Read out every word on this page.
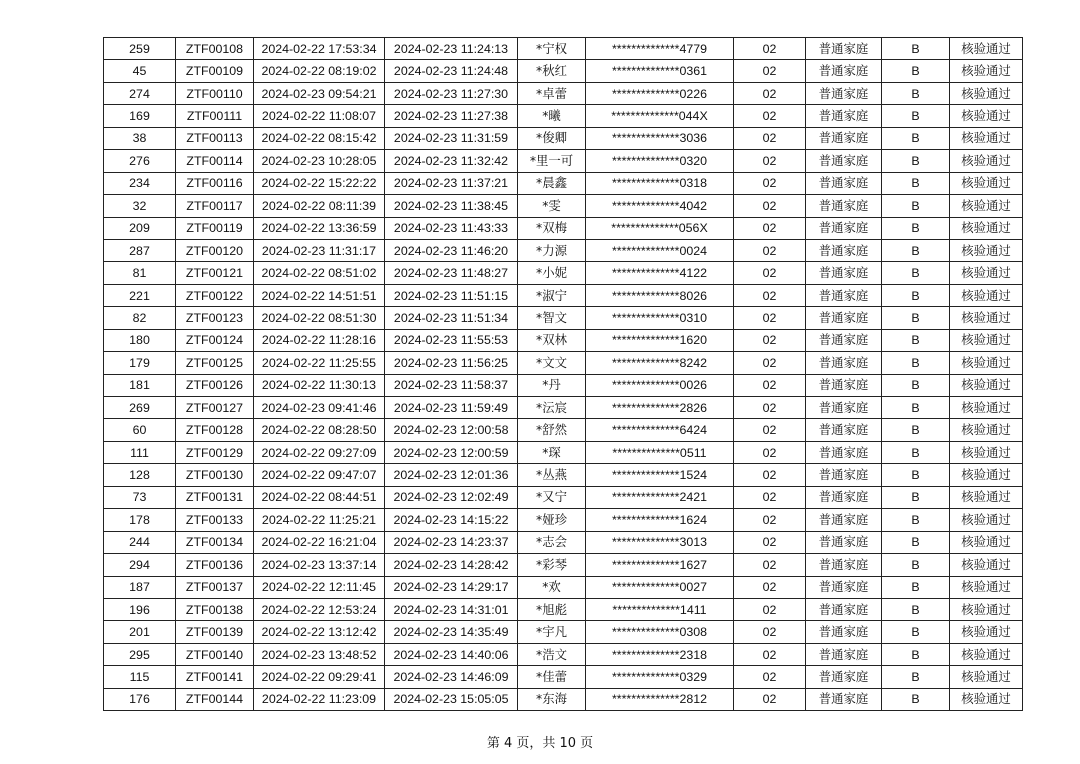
259	ZTF00108	2024-02-22 17:53:34	2024-02-23 11:24:13	*宁权	**************4779	02	普通家庭	B	核验通过
45	ZTF00109	2024-02-22 08:19:02	2024-02-23 11:24:48	*秋红	**************0361	02	普通家庭	B	核验通过
274	ZTF00110	2024-02-23 09:54:21	2024-02-23 11:27:30	*卓蕾	**************0226	02	普通家庭	B	核验通过
169	ZTF00111	2024-02-22 11:08:07	2024-02-23 11:27:38	*曦	**************044X	02	普通家庭	B	核验通过
38	ZTF00113	2024-02-22 08:15:42	2024-02-23 11:31:59	*俊卿	**************3036	02	普通家庭	B	核验通过
276	ZTF00114	2024-02-23 10:28:05	2024-02-23 11:32:42	*里一可	**************0320	02	普通家庭	B	核验通过
234	ZTF00116	2024-02-22 15:22:22	2024-02-23 11:37:21	*晨鑫	**************0318	02	普通家庭	B	核验通过
32	ZTF00117	2024-02-22 08:11:39	2024-02-23 11:38:45	*雯	**************4042	02	普通家庭	B	核验通过
209	ZTF00119	2024-02-22 13:36:59	2024-02-23 11:43:33	*双梅	**************056X	02	普通家庭	B	核验通过
287	ZTF00120	2024-02-23 11:31:17	2024-02-23 11:46:20	*力源	**************0024	02	普通家庭	B	核验通过
81	ZTF00121	2024-02-22 08:51:02	2024-02-23 11:48:27	*小妮	**************4122	02	普通家庭	B	核验通过
221	ZTF00122	2024-02-22 14:51:51	2024-02-23 11:51:15	*淑宁	**************8026	02	普通家庭	B	核验通过
82	ZTF00123	2024-02-22 08:51:30	2024-02-23 11:51:34	*智文	**************0310	02	普通家庭	B	核验通过
180	ZTF00124	2024-02-22 11:28:16	2024-02-23 11:55:53	*双林	**************1620	02	普通家庭	B	核验通过
179	ZTF00125	2024-02-22 11:25:55	2024-02-23 11:56:25	*文文	**************8242	02	普通家庭	B	核验通过
181	ZTF00126	2024-02-22 11:30:13	2024-02-23 11:58:37	*丹	**************0026	02	普通家庭	B	核验通过
269	ZTF00127	2024-02-23 09:41:46	2024-02-23 11:59:49	*沄宸	**************2826	02	普通家庭	B	核验通过
60	ZTF00128	2024-02-22 08:28:50	2024-02-23 12:00:58	*舒然	**************6424	02	普通家庭	B	核验通过
111	ZTF00129	2024-02-22 09:27:09	2024-02-23 12:00:59	*琛	**************0511	02	普通家庭	B	核验通过
128	ZTF00130	2024-02-22 09:47:07	2024-02-23 12:01:36	*丛燕	**************1524	02	普通家庭	B	核验通过
73	ZTF00131	2024-02-22 08:44:51	2024-02-23 12:02:49	*又宁	**************2421	02	普通家庭	B	核验通过
178	ZTF00133	2024-02-22 11:25:21	2024-02-23 14:15:22	*娅珍	**************1624	02	普通家庭	B	核验通过
244	ZTF00134	2024-02-22 16:21:04	2024-02-23 14:23:37	*志会	**************3013	02	普通家庭	B	核验通过
294	ZTF00136	2024-02-23 13:37:14	2024-02-23 14:28:42	*彩琴	**************1627	02	普通家庭	B	核验通过
187	ZTF00137	2024-02-22 12:11:45	2024-02-23 14:29:17	*欢	**************0027	02	普通家庭	B	核验通过
196	ZTF00138	2024-02-22 12:53:24	2024-02-23 14:31:01	*旭彪	**************1411	02	普通家庭	B	核验通过
201	ZTF00139	2024-02-22 13:12:42	2024-02-23 14:35:49	*宇凡	**************0308	02	普通家庭	B	核验通过
295	ZTF00140	2024-02-23 13:48:52	2024-02-23 14:40:06	*浩文	**************2318	02	普通家庭	B	核验通过
115	ZTF00141	2024-02-22 09:29:41	2024-02-23 14:46:09	*佳蕾	**************0329	02	普通家庭	B	核验通过
176	ZTF00144	2024-02-22 11:23:09	2024-02-23 15:05:05	*东海	**************2812	02	普通家庭	B	核验通过
第 4 页，共 10 页
